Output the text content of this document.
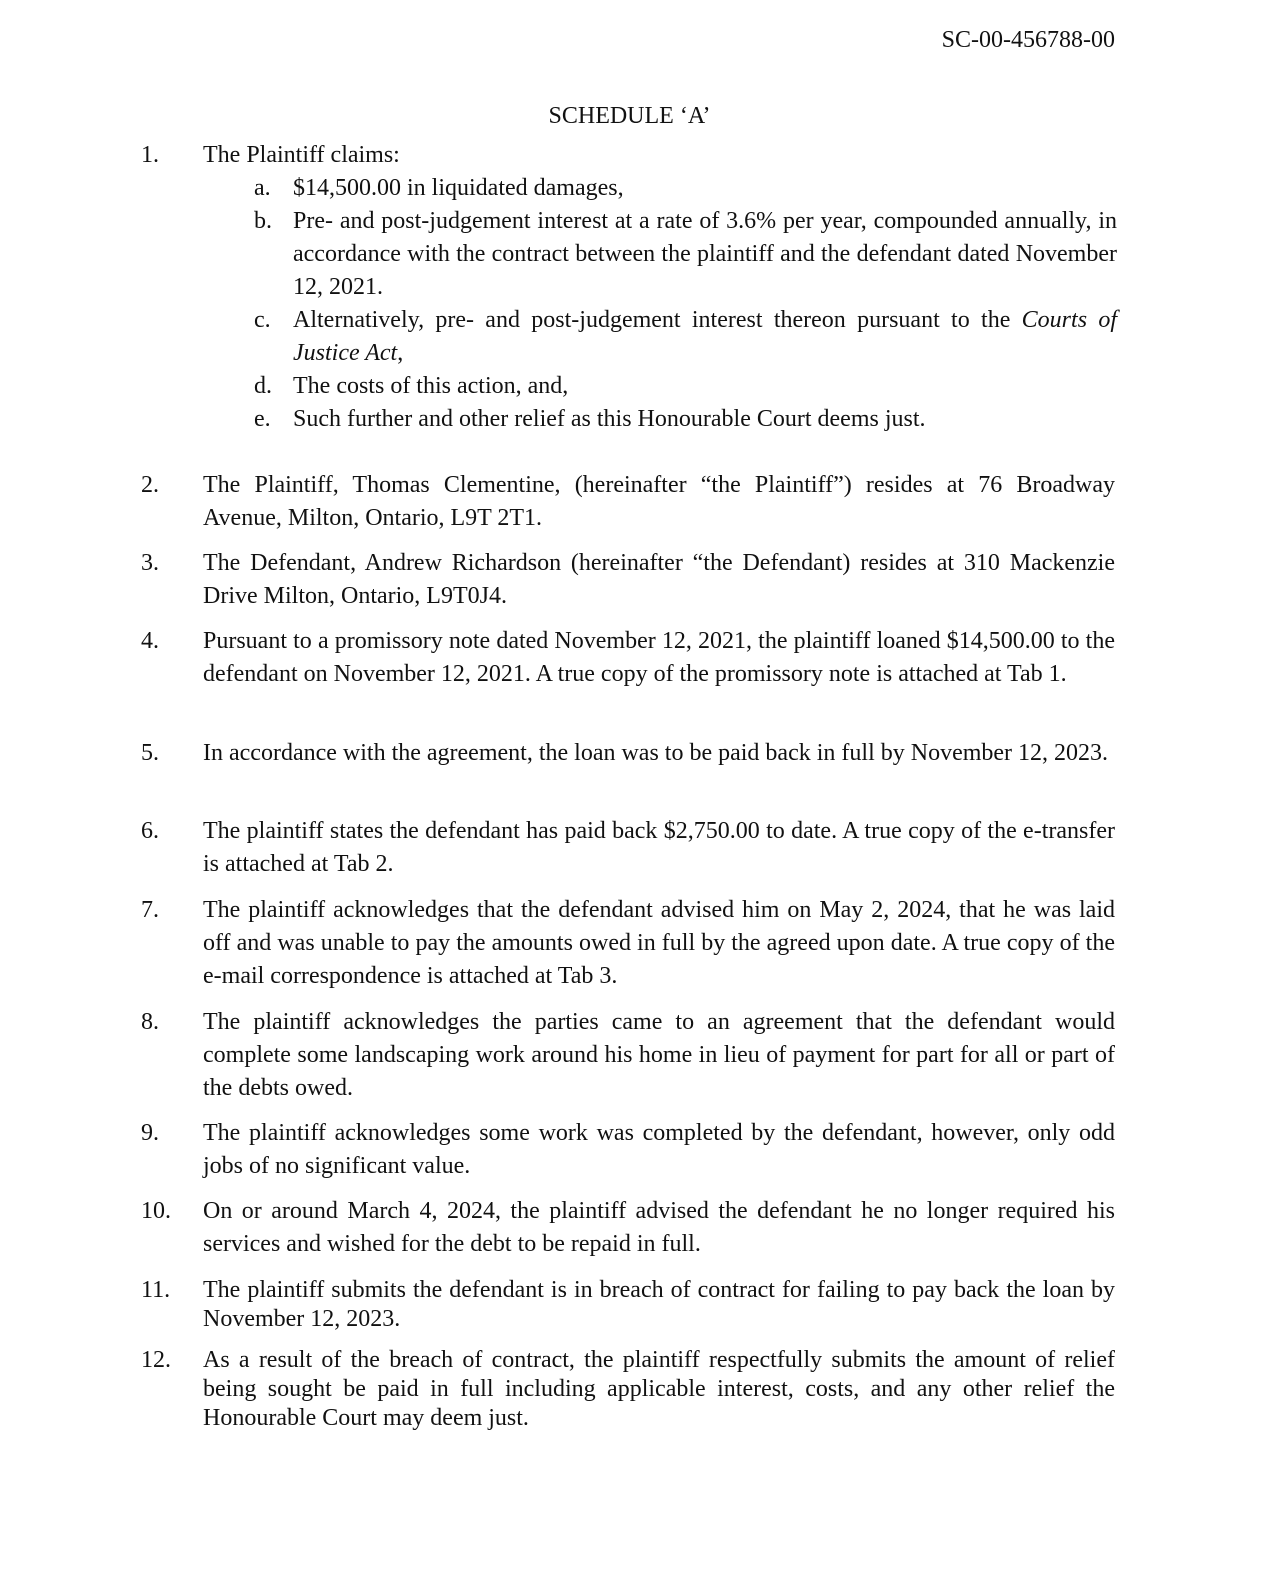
SC-00-456788-00
SCHEDULE ‘A’
1. The Plaintiff claims:
a. $14,500.00 in liquidated damages,
b. Pre- and post-judgement interest at a rate of 3.6% per year, compounded annually, in accordance with the contract between the plaintiff and the defendant dated November 12, 2021.
c. Alternatively, pre- and post-judgement interest thereon pursuant to the Courts of Justice Act,
d. The costs of this action, and,
e. Such further and other relief as this Honourable Court deems just.
2. The Plaintiff, Thomas Clementine, (hereinafter “the Plaintiff”) resides at 76 Broadway Avenue, Milton, Ontario, L9T 2T1.
3. The Defendant, Andrew Richardson (hereinafter “the Defendant) resides at 310 Mackenzie Drive Milton, Ontario, L9T0J4.
4. Pursuant to a promissory note dated November 12, 2021, the plaintiff loaned $14,500.00 to the defendant on November 12, 2021. A true copy of the promissory note is attached at Tab 1.
5. In accordance with the agreement, the loan was to be paid back in full by November 12, 2023.
6. The plaintiff states the defendant has paid back $2,750.00 to date. A true copy of the e-transfer is attached at Tab 2.
7. The plaintiff acknowledges that the defendant advised him on May 2, 2024, that he was laid off and was unable to pay the amounts owed in full by the agreed upon date. A true copy of the e-mail correspondence is attached at Tab 3.
8. The plaintiff acknowledges the parties came to an agreement that the defendant would complete some landscaping work around his home in lieu of payment for part for all or part of the debts owed.
9. The plaintiff acknowledges some work was completed by the defendant, however, only odd jobs of no significant value.
10. On or around March 4, 2024, the plaintiff advised the defendant he no longer required his services and wished for the debt to be repaid in full.
11. The plaintiff submits the defendant is in breach of contract for failing to pay back the loan by November 12, 2023.
12. As a result of the breach of contract, the plaintiff respectfully submits the amount of relief being sought be paid in full including applicable interest, costs, and any other relief the Honourable Court may deem just.
